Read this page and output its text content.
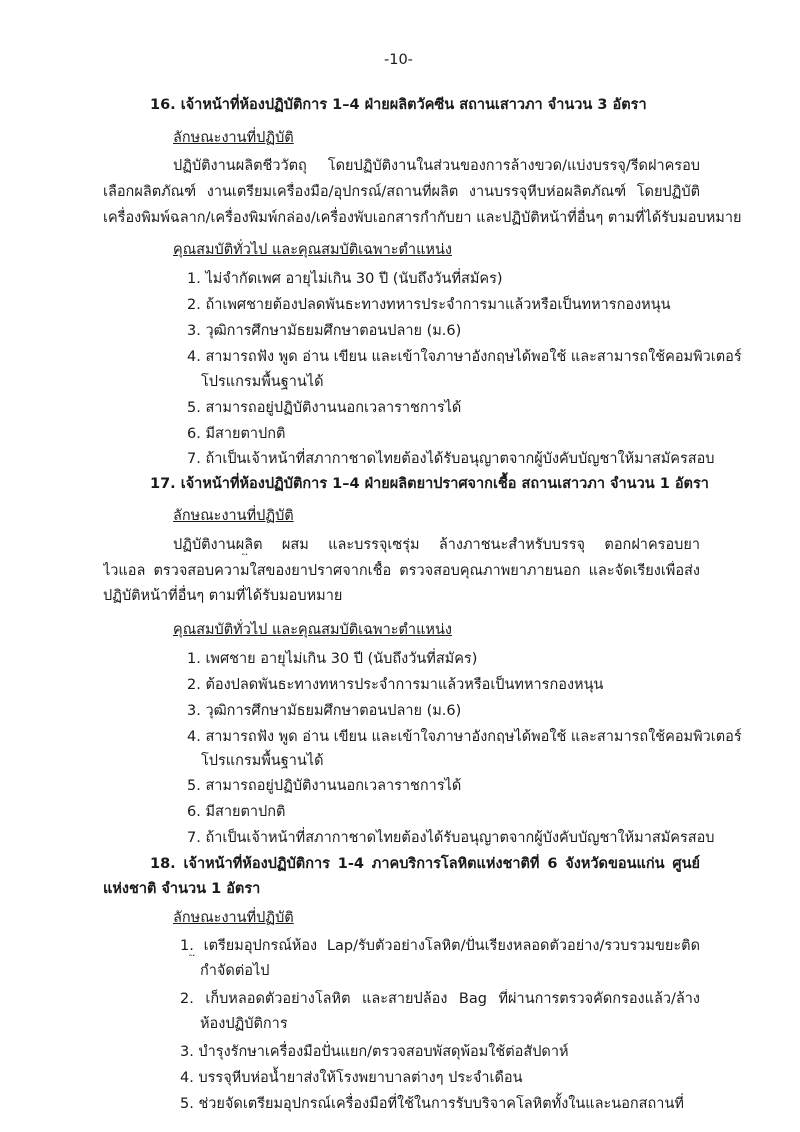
-10-
16. เจ้าหน้าที่ห้องปฏิบัติการ 1–4 ฝ่ายผลิตวัคซีน สถานเสาวภา จำนวน 3 อัตรา
ลักษณะงานที่ปฏิบัติ
ปฏิบัติงานผลิตชีววัตถุ โดยปฏิบัติงานในส่วนของการล้างขวด/แบ่งบรรจุ/รีดฝาครอบ
เลือกผลิตภัณฑ์ งานเตรียมเครื่องมือ/อุปกรณ์/สถานที่ผลิต งานบรรจุหีบห่อผลิตภัณฑ์ โดยปฏิบัติ
เครื่องพิมพ์ฉลาก/เครื่องพิมพ์กล่อง/เครื่องพับเอกสารกำกับยา และปฏิบัติหน้าที่อื่นๆ ตามที่ได้รับมอบหมาย
คุณสมบัติทั่วไป และคุณสมบัติเฉพาะตำแหน่ง
1. ไม่จำกัดเพศ อายุไม่เกิน 30 ปี (นับถึงวันที่สมัคร)
2. ถ้าเพศชายต้องปลดพันธะทางทหารประจำการมาแล้วหรือเป็นทหารกองหนุน
3. วุฒิการศึกษามัธยมศึกษาตอนปลาย (ม.6)
4. สามารถฟัง พูด อ่าน เขียน และเข้าใจภาษาอังกฤษได้พอใช้ และสามารถใช้คอมพิวเตอร์
โปรแกรมพื้นฐานได้
5. สามารถอยู่ปฏิบัติงานนอกเวลาราชการได้
6. มีสายตาปกติ
7. ถ้าเป็นเจ้าหน้าที่สภากาชาดไทยต้องได้รับอนุญาตจากผู้บังคับบัญชาให้มาสมัครสอบ
17. เจ้าหน้าที่ห้องปฏิบัติการ 1–4 ฝ่ายผลิตยาปราศจากเชื้อ สถานเสาวภา จำนวน 1 อัตรา
ลักษณะงานที่ปฏิบัติ
ปฏิบัติงานผลิต ผสม และบรรจุเซรุ่ม ล้างภาชนะสำหรับบรรจุ ตอกฝาครอบยา
ไวแอล ตรวจสอบความใสของยาปราศจากเชื้อ ตรวจสอบคุณภาพยาภายนอก และจัดเรียงเพื่อส่ง
ปฏิบัติหน้าที่อื่นๆ ตามที่ได้รับมอบหมาย
คุณสมบัติทั่วไป และคุณสมบัติเฉพาะตำแหน่ง
1. เพศชาย อายุไม่เกิน 30 ปี (นับถึงวันที่สมัคร)
2. ต้องปลดพันธะทางทหารประจำการมาแล้วหรือเป็นทหารกองหนุน
3. วุฒิการศึกษามัธยมศึกษาตอนปลาย (ม.6)
4. สามารถฟัง พูด อ่าน เขียน และเข้าใจภาษาอังกฤษได้พอใช้ และสามารถใช้คอมพิวเตอร์
โปรแกรมพื้นฐานได้
5. สามารถอยู่ปฏิบัติงานนอกเวลาราชการได้
6. มีสายตาปกติ
7. ถ้าเป็นเจ้าหน้าที่สภากาชาดไทยต้องได้รับอนุญาตจากผู้บังคับบัญชาให้มาสมัครสอบ
18. เจ้าหน้าที่ห้องปฏิบัติการ 1-4 ภาคบริการโลหิตแห่งชาติที่ 6 จังหวัดขอนแก่น ศูนย์
แห่งชาติ จำนวน 1 อัตรา
ลักษณะงานที่ปฏิบัติ
1. เตรียมอุปกรณ์ห้อง Lap/รับตัวอย่างโลหิต/ปั่นเรียงหลอดตัวอย่าง/รวบรวมขยะติด
กำจัดต่อไป
2. เก็บหลอดตัวอย่างโลหิต และสายปล้อง Bag ที่ผ่านการตรวจคัดกรองแล้ว/ล้าง
ห้องปฏิบัติการ
3. บำรุงรักษาเครื่องมือปั่นแยก/ตรวจสอบพัสดุพ้อมใช้ต่อสัปดาห์
4. บรรจุหีบห่อน้ำยาส่งให้โรงพยาบาลต่างๆ ประจำเดือน
5. ช่วยจัดเตรียมอุปกรณ์เครื่องมือที่ใช้ในการรับบริจาคโลหิตทั้งในและนอกสถานที่
